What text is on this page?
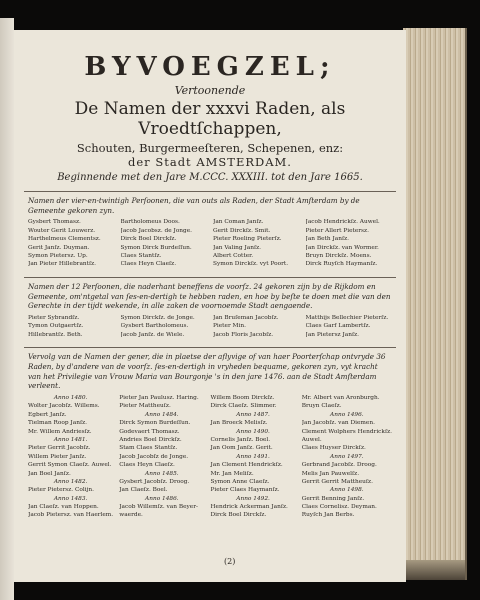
BYVOEGZEL;
Vertoonende
De Namen der xxxvi Raden, als Vroedtſchappen,
Schouten, Burgermeeſteren, Schepenen, enz:
der Stadt AMSTERDAM.
Beginnende met den Jare M.CCC. XXXIII. tot den Jare 1665.
Namen der vier-en-twintigh Perſoonen, die van outs als Raden, der Stadt Amſterdam by de Gemeente gekoren zyn.
Gysbert Thomasz.
Wouter Gerit Louwerz.
Harthelmeus Clementsz.
Gerit Janſz. Duyman.
Symon Pietersz. Up.
Jan Pieter Hillebrantſz.
Bartholomeus Doos.
Jacob Jacobsz. de Jonge.
Dirck Boel Dirckſz.
Symon Dirck Burdeſſun.
Claes Stantſz.
Claes Heyn Claeſz.
Jan Coman Janſz.
Gerit Dirckſz. Smit.
Pieter Roeling Pieterſz.
Jan Valing Janſz.
Albert Cotter.
Symon Dirckſz. vyt Poort.
Jacob Hendrickſz. Auwel.
Pieter Allert Pietersz.
Jan Beth Janſz.
Jan Dirckſz. van Wormer.
Bruyn Dirckſz. Moens.
Dirck Ruyſch Haymanſz.
Namen der 12 Perſoonen, die naderhant beneffens de voorſz. 24 gekoren zijn by de Rijkdom en Gemeente, om'ntgetal van ſes-en-dertigh te hebben raden, en hoe by beſte te doen met die van den Gerechte in der tijdt wekende, in alle zaken de voornoemde Stadt aengaende.
Pieter Sybrandſz.
Tymon Outgaertſz.
Hillebrantſz. Beth.
Symon Dirckſz. de Jonge.
Gysbert Bartholomeus.
Jacob Janſz. de Wiele.
Jan Bruſeman Jacobſz.
Pieter Min.
Jacob Floris Jacobſz.
Matthijs Bellechier Pieterſz.
Claes Garf Lambertſz.
Jan Pietersz Janſz.
Vervolg van de Namen der gener, die in plaetse der aflyvige of van haer Poorterſchap ontvryde 36 Raden, by d'andere van de voorſz. ſes-en-dertigh in vryheden bequame, gekoren zyn, vyt kracht van het Privilegie van Vrouw Maria van Bourgonje 's in den jare 1476. aan de Stadt Amſterdam verleent.
Anno 1480.
Wolter Jacobſz. Willems.
Egbert Janſz.
Tielman Roop Janſz.
Mr. Willem Andriesſz.
Anno 1481.
Pieter Gerrit Jacobſz.
Willem Pieter Janſz.
Gerrit Symon Claeſz. Auwel.
Jan Boel Janſz.
Anno 1482.
Pieter Pietersz. Colijn.
Anno 1483.
Jan Claeſz. van Hoppen.
Jacob Pietersz. van Haerlem.
Pieter Jan Paulusz. Haring.
Pieter Mattheuſz.
Anno 1484.
Dirck Symon Burdeſſun.
Godevaert Thomasz.
Andries Boel Dirckſz.
Stam Claes Stantſz.
Jacob Jacobſz de Jonge.
Claes Heyn Claeſz.
Anno 1485.
Gysbert Jacobſz. Droog.
Jan Claeſz. Boel.
Anno 1486.
Jacob Willemſz. van Beyer-
waerde.
Willem Boom Dirckſz.
Dirck Claeſz. Slimmer.
Anno 1487.
Jan Broeck Melisſz.
Anno 1490.
Cornelis Janſz. Boel.
Jan Oom Janſz. Gerit.
Anno 1491.
Jan Clement Hendrickſz.
Mr. Jan Meliſz.
Symon Anne Claeſz.
Pieter Claes Haymanſz.
Anno 1492.
Hendrick Ackerman Janſz.
Dirck Boel Dirckſz.
Mr. Albert van Aronburgh.
Bruyn Claeſz.
Anno 1496.
Jan Jacobſz. van Diemen.
Clement Wolphers Hendrickſz.
Auwel.
Claes Huyser Dirckſz.
Anno 1497.
Gerbrand Jacobſz. Droog.
Melis Jan Pauwelſz.
Gerrit Gerrit Mattheuſz.
Anno 1498.
Gerrit Benning Janſz.
Claes Cornelisz. Deyman.
Ruyſch Jan Berbs.
(2)
